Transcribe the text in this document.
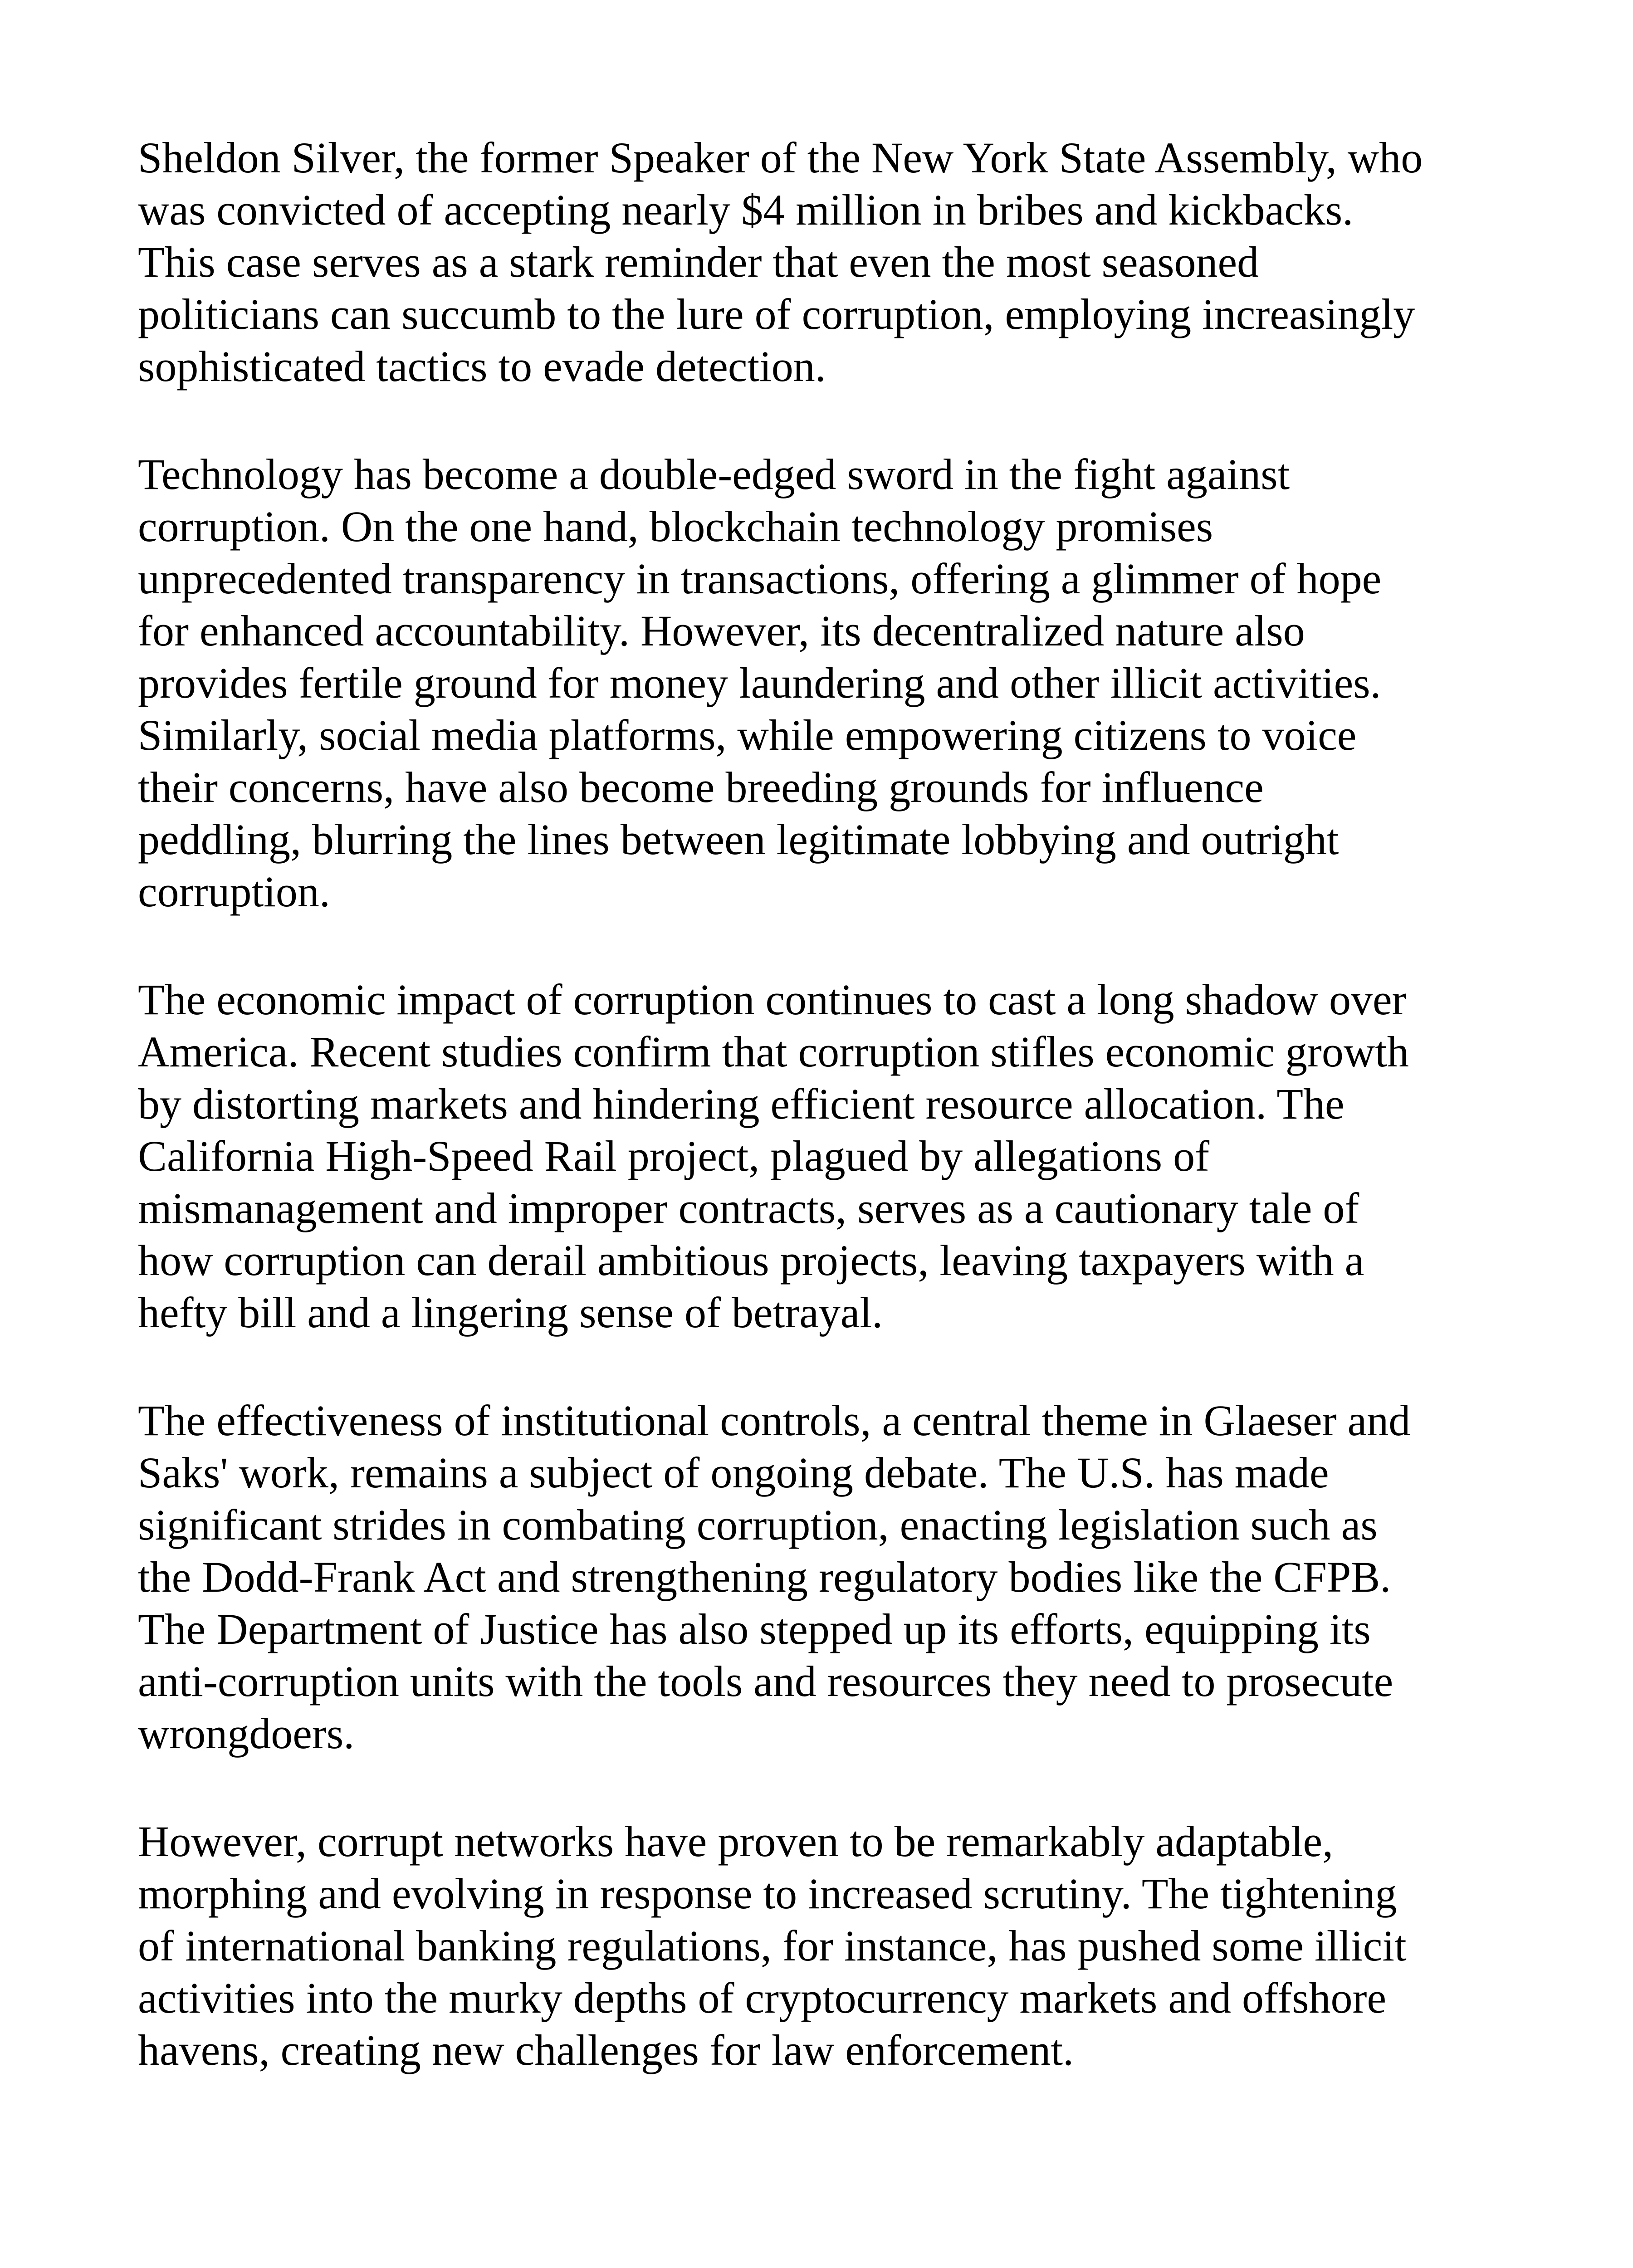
Sheldon Silver, the former Speaker of the New York State Assembly, who was convicted of accepting nearly $4 million in bribes and kickbacks. This case serves as a stark reminder that even the most seasoned politicians can succumb to the lure of corruption, employing increasingly sophisticated tactics to evade detection.

Technology has become a double-edged sword in the fight against corruption. On the one hand, blockchain technology promises unprecedented transparency in transactions, offering a glimmer of hope for enhanced accountability. However, its decentralized nature also provides fertile ground for money laundering and other illicit activities. Similarly, social media platforms, while empowering citizens to voice their concerns, have also become breeding grounds for influence peddling, blurring the lines between legitimate lobbying and outright corruption.

The economic impact of corruption continues to cast a long shadow over America. Recent studies confirm that corruption stifles economic growth by distorting markets and hindering efficient resource allocation. The California High-Speed Rail project, plagued by allegations of mismanagement and improper contracts, serves as a cautionary tale of how corruption can derail ambitious projects, leaving taxpayers with a hefty bill and a lingering sense of betrayal.

The effectiveness of institutional controls, a central theme in Glaeser and Saks' work, remains a subject of ongoing debate. The U.S. has made significant strides in combating corruption, enacting legislation such as the Dodd-Frank Act and strengthening regulatory bodies like the CFPB. The Department of Justice has also stepped up its efforts, equipping its anti-corruption units with the tools and resources they need to prosecute wrongdoers.

However, corrupt networks have proven to be remarkably adaptable, morphing and evolving in response to increased scrutiny. The tightening of international banking regulations, for instance, has pushed some illicit activities into the murky depths of cryptocurrency markets and offshore havens, creating new challenges for law enforcement.
